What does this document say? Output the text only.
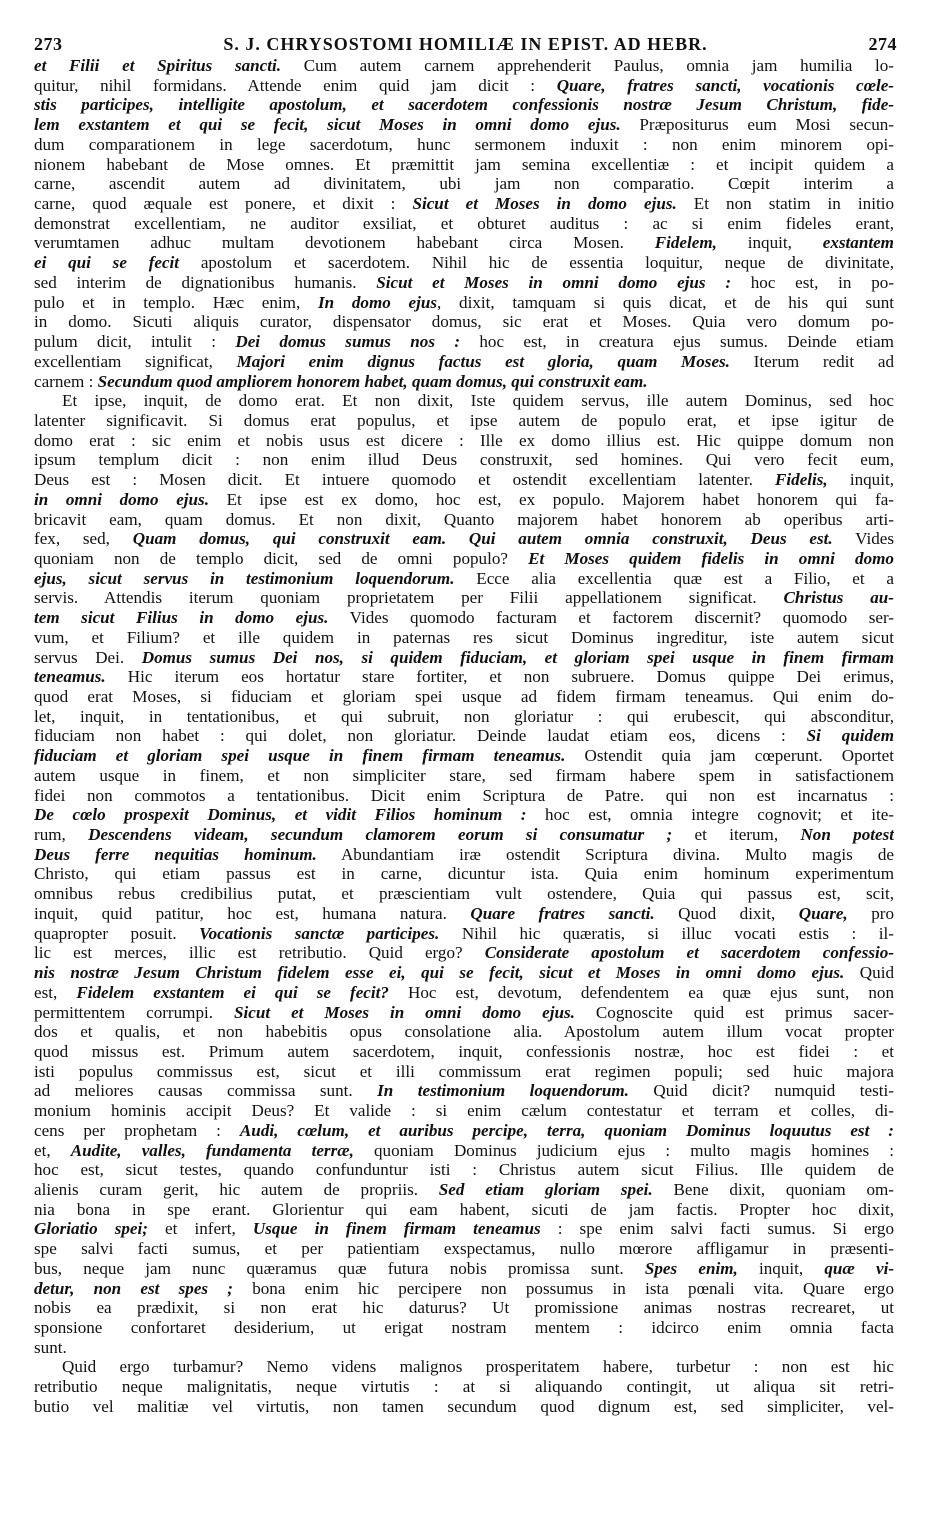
273	S. J. CHRYSOSTOMI HOMILIÆ IN EPIST. AD HEBR.	274

et Filii et Spiritus sancti. Cum autem carnem apprehenderit Paulus, omnia jam humilia lo-

quitur, nihil formidans. Attende enim quid jam dicit : Quare, fratres sancti, vocationis cœle-

stis participes, intelligite apostolum, et sacerdotem confessionis nostræ Jesum Christum, fide-

lem exstantem et qui se fecit, sicut Moses in omni domo ejus. Præpositurus eum Mosi secun-

dum comparationem in lege sacerdotum, hunc sermonem induxit : non enim minorem opi-

nionem habebant de Mose omnes. Et præmittit jam semina excellentiæ : et incipit quidem a

carne, ascendit autem ad divinitatem, ubi jam non comparatio. Cœpit interim a

carne, quod æquale est ponere, et dixit : Sicut et Moses in domo ejus. Et non statim in initio

demonstrat excellentiam, ne auditor exsiliat, et obturet auditus : ac si enim fideles erant,

verumtamen adhuc multam devotionem habebant circa Mosen. Fidelem, inquit, exstantem

ei qui se fecit apostolum et sacerdotem. Nihil hic de essentia loquitur, neque de divinitate,

sed interim de dignationibus humanis. Sicut et Moses in omni domo ejus : hoc est, in po-

pulo et in templo. Hæc enim, In domo ejus, dixit, tamquam si quis dicat, et de his qui sunt

in domo. Sicuti aliquis curator, dispensator domus, sic erat et Moses. Quia vero domum po-

pulum dicit, intulit : Dei domus sumus nos : hoc est, in creatura ejus sumus. Deinde etiam

excellentiam significat, Majori enim dignus factus est gloria, quam Moses. Iterum redit ad

carnem : Secundum quod ampliorem honorem habet, quam domus, qui construxit eam.

Et ipse, inquit, de domo erat. Et non dixit, Iste quidem servus, ille autem Dominus, sed hoc

latenter significavit. Si domus erat populus, et ipse autem de populo erat, et ipse igitur de

domo erat : sic enim et nobis usus est dicere : Ille ex domo illius est. Hic quippe domum non

ipsum templum dicit : non enim illud Deus construxit, sed homines. Qui vero fecit eum,

Deus est : Mosen dicit. Et intuere quomodo et ostendit excellentiam latenter. Fidelis, inquit,

in omni domo ejus. Et ipse est ex domo, hoc est, ex populo. Majorem habet honorem qui fa-

bricavit eam, quam domus. Et non dixit, Quanto majorem habet honorem ab operibus arti-

fex, sed, Quam domus, qui construxit eam. Qui autem omnia construxit, Deus est. Vides

quoniam non de templo dicit, sed de omni populo? Et Moses quidem fidelis in omni domo

ejus, sicut servus in testimonium loquendorum. Ecce alia excellentia quæ est a Filio, et a

servis. Attendis iterum quoniam proprietatem per Filii appellationem significat. Christus au-

tem sicut Filius in domo ejus. Vides quomodo facturam et factorem discernit? quomodo ser-

vum, et Filium? et ille quidem in paternas res sicut Dominus ingreditur, iste autem sicut

servus Dei. Domus sumus Dei nos, si quidem fiduciam, et gloriam spei usque in finem firmam

teneamus. Hic iterum eos hortatur stare fortiter, et non subruere. Domus quippe Dei erimus,

quod erat Moses, si fiduciam et gloriam spei usque ad fidem firmam teneamus. Qui enim do-

let, inquit, in tentationibus, et qui subruit, non gloriatur : qui erubescit, qui absconditur,

fiduciam non habet : qui dolet, non gloriatur. Deinde laudat etiam eos, dicens : Si quidem

fiduciam et gloriam spei usque in finem firmam teneamus. Ostendit quia jam cœperunt. Oportet

autem usque in finem, et non simpliciter stare, sed firmam habere spem in satisfactionem

fidei non commotos a tentationibus. Dicit enim Scriptura de Patre. qui non est incarnatus :

De cœlo prospexit Dominus, et vidit Filios hominum : hoc est, omnia integre cognovit; et ite-

rum, Descendens videam, secundum clamorem eorum si consumatur ; et iterum, Non potest

Deus ferre nequitias hominum. Abundantiam iræ ostendit Scriptura divina. Multo magis de

Christo, qui etiam passus est in carne, dicuntur ista. Quia enim hominum experimentum

omnibus rebus credibilius putat, et præscientiam vult ostendere, Quia qui passus est, scit,

inquit, quid patitur, hoc est, humana natura. Quare fratres sancti. Quod dixit, Quare, pro

quapropter posuit. Vocationis sanctæ participes. Nihil hic quæratis, si illuc vocati estis : il-

lic est merces, illic est retributio. Quid ergo? Considerate apostolum et sacerdotem confessio-

nis nostræ Jesum Christum fidelem esse ei, qui se fecit, sicut et Moses in omni domo ejus. Quid

est, Fidelem exstantem ei qui se fecit? Hoc est, devotum, defendentem ea quæ ejus sunt, non

permittentem corrumpi. Sicut et Moses in omni domo ejus. Cognoscite quid est primus sacer-

dos et qualis, et non habebitis opus consolatione alia. Apostolum autem illum vocat propter

quod missus est. Primum autem sacerdotem, inquit, confessionis nostræ, hoc est fidei : et

isti populus commissus est, sicut et illi commissum erat regimen populi; sed huic majora

ad meliores causas commissa sunt. In testimonium loquendorum. Quid dicit? numquid testi-

monium hominis accipit Deus? Et valide : si enim cælum contestatur et terram et colles, di-

cens per prophetam : Audi, cœlum, et auribus percipe, terra, quoniam Dominus loquutus est :

et, Audite, valles, fundamenta terræ, quoniam Dominus judicium ejus : multo magis homines :

hoc est, sicut testes, quando confunduntur isti : Christus autem sicut Filius. Ille quidem de

alienis curam gerit, hic autem de propriis. Sed etiam gloriam spei. Bene dixit, quoniam om-

nia bona in spe erant. Glorientur qui eam habent, sicuti de jam factis. Propter hoc dixit,

Gloriatio spei; et infert, Usque in finem firmam teneamus : spe enim salvi facti sumus. Si ergo

spe salvi facti sumus, et per patientiam exspectamus, nullo mœrore affligamur in præsenti-

bus, neque jam nunc quæramus quæ futura nobis promissa sunt. Spes enim, inquit, quæ vi-

detur, non est spes ; bona enim hic percipere non possumus in ista pœnali vita. Quare ergo

nobis ea prædixit, si non erat hic daturus? Ut promissione animas nostras recrearet, ut

sponsione confortaret desiderium, ut erigat nostram mentem : idcirco enim omnia facta

sunt.

Quid ergo turbamur? Nemo videns malignos prosperitatem habere, turbetur : non est hic

retributio neque malignitatis, neque virtutis : at si aliquando contingit, ut aliqua sit retri-

butio vel malitiæ vel virtutis, non tamen secundum quod dignum est, sed simpliciter, vel-
